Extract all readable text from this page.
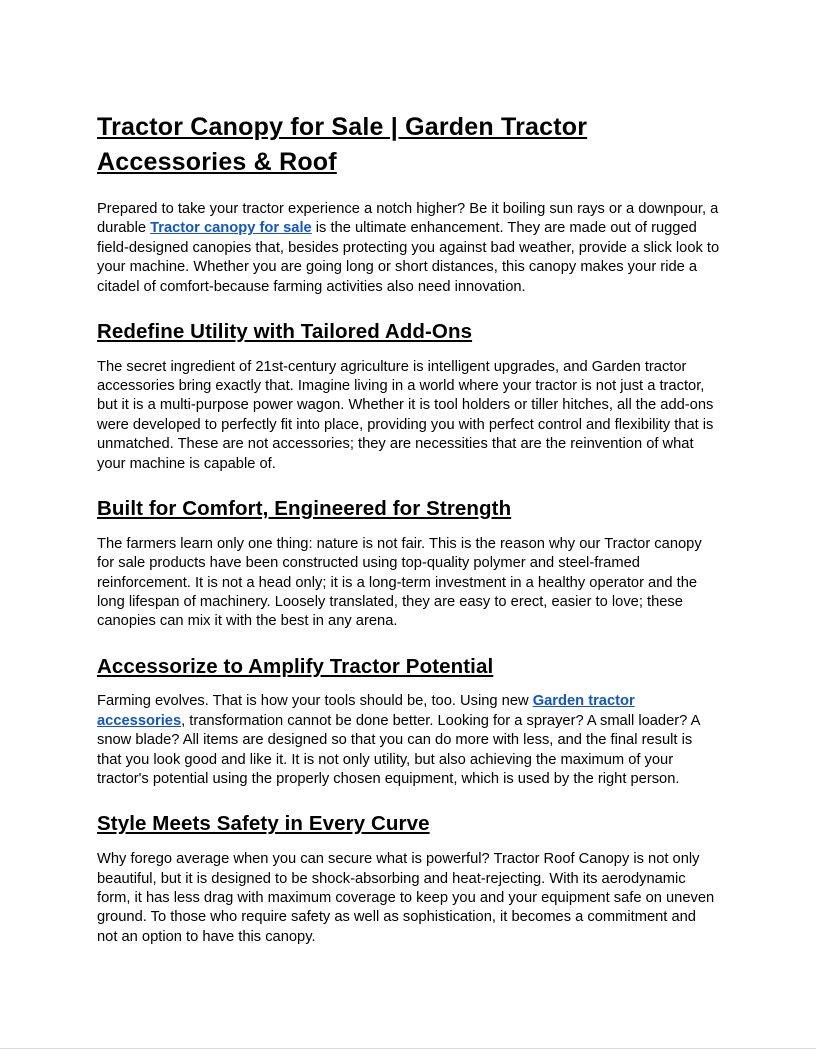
Tractor Canopy for Sale | Garden Tractor Accessories & Roof

Prepared to take your tractor experience a notch higher? Be it boiling sun rays or a downpour, a durable Tractor canopy for sale is the ultimate enhancement. They are made out of rugged field-designed canopies that, besides protecting you against bad weather, provide a slick look to your machine. Whether you are going long or short distances, this canopy makes your ride a citadel of comfort-because farming activities also need innovation.

Redefine Utility with Tailored Add-Ons

The secret ingredient of 21st-century agriculture is intelligent upgrades, and Garden tractor accessories bring exactly that. Imagine living in a world where your tractor is not just a tractor, but it is a multi-purpose power wagon. Whether it is tool holders or tiller hitches, all the add-ons were developed to perfectly fit into place, providing you with perfect control and flexibility that is unmatched. These are not accessories; they are necessities that are the reinvention of what your machine is capable of.

Built for Comfort, Engineered for Strength

The farmers learn only one thing: nature is not fair. This is the reason why our Tractor canopy for sale products have been constructed using top-quality polymer and steel-framed reinforcement. It is not a head only; it is a long-term investment in a healthy operator and the long lifespan of machinery. Loosely translated, they are easy to erect, easier to love; these canopies can mix it with the best in any arena.

Accessorize to Amplify Tractor Potential

Farming evolves. That is how your tools should be, too. Using new Garden tractor accessories, transformation cannot be done better. Looking for a sprayer? A small loader? A snow blade? All items are designed so that you can do more with less, and the final result is that you look good and like it. It is not only utility, but also achieving the maximum of your tractor's potential using the properly chosen equipment, which is used by the right person.

Style Meets Safety in Every Curve

Why forego average when you can secure what is powerful? Tractor Roof Canopy is not only beautiful, but it is designed to be shock-absorbing and heat-rejecting. With its aerodynamic form, it has less drag with maximum coverage to keep you and your equipment safe on uneven ground. To those who require safety as well as sophistication, it becomes a commitment and not an option to have this canopy.
